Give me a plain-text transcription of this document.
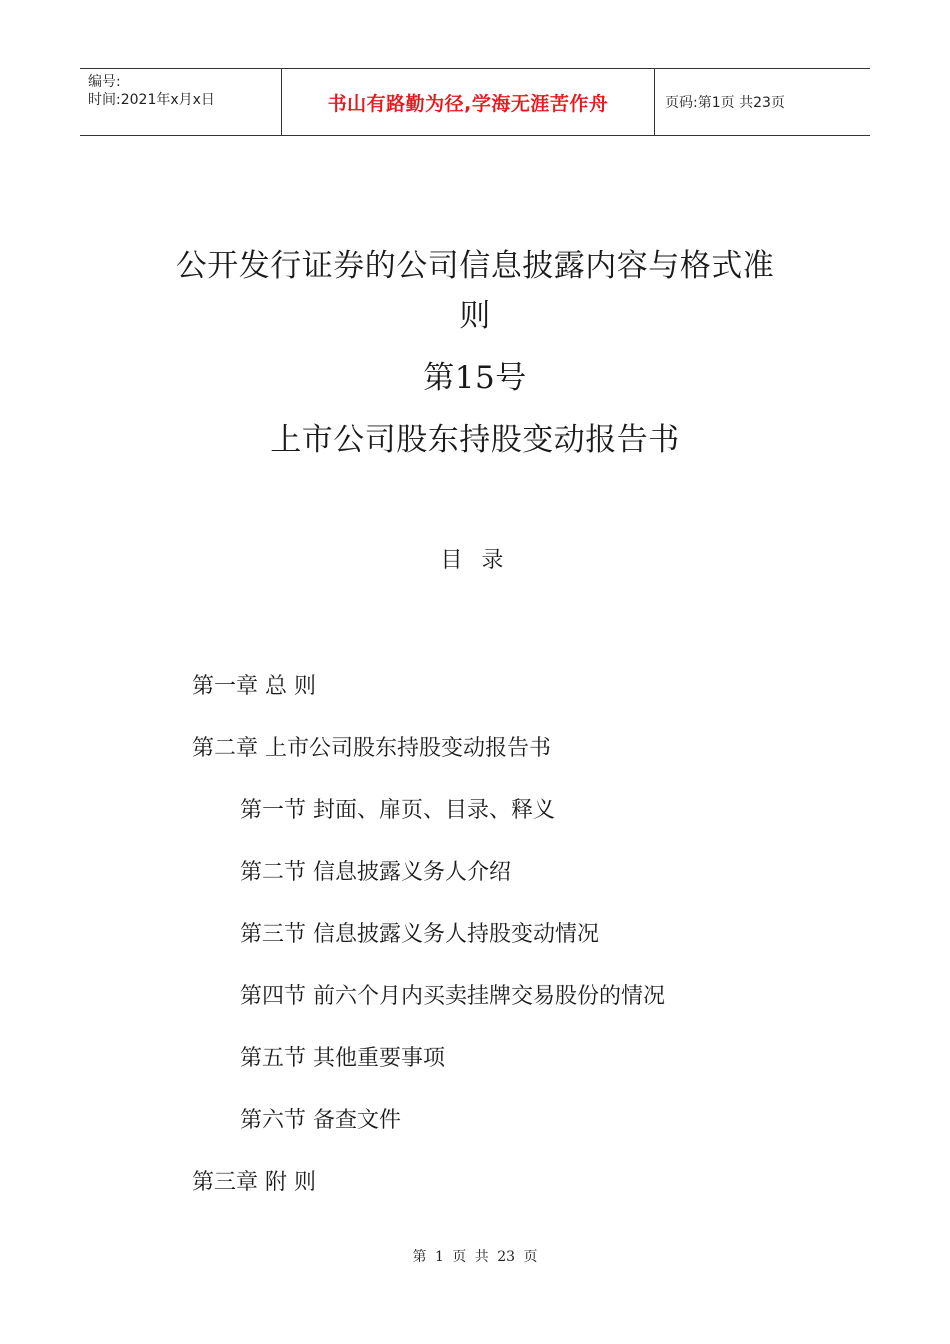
编号:
时间:2021年x月x日	书山有路勤为径,学海无涯苦作舟	页码:第1页 共23页
公开发行证券的公司信息披露内容与格式准
则
第15号
上市公司股东持股变动报告书
目 录
第一章 总 则
第二章 上市公司股东持股变动报告书
第一节 封面、扉页、目录、释义
第二节 信息披露义务人介绍
第三节 信息披露义务人持股变动情况
第四节 前六个月内买卖挂牌交易股份的情况
第五节 其他重要事项
第六节 备查文件
第三章 附 则
第 1 页 共 23 页
